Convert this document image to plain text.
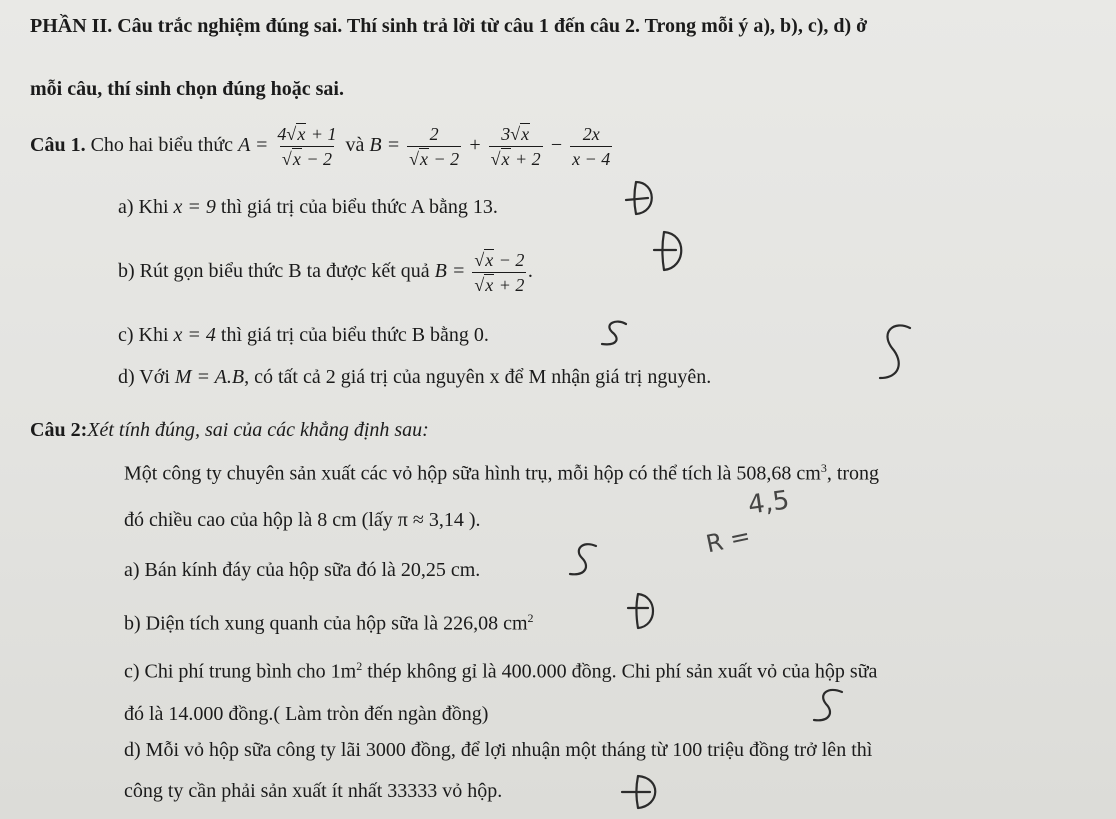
PHẦN II. Câu trắc nghiệm đúng sai. Thí sinh trả lời từ câu 1 đến câu 2. Trong mỗi ý a), b), c), d) ở
mỗi câu, thí sinh chọn đúng hoặc sai.
Câu 1. Cho hai biểu thức $A = \frac{4√x + 1}{√x - 2}$ và $B = \frac{2}{√x - 2} + \frac{3√x}{√x + 2} - \frac{2x}{x - 4}$
a) Khi x = 9 thì giá trị của biểu thức A bằng 13.
b) Rút gọn biểu thức B ta được kết quả $B = \frac{√x - 2}{√x + 2}$ .
c) Khi x = 4 thì giá trị của biểu thức B bằng 0.
d) Với M = A.B, có tất cả 2 giá trị của nguyên x để M nhận giá trị nguyên.
Câu 2:Xét tính đúng, sai của các khẳng định sau:
Một công ty chuyên sản xuất các vỏ hộp sữa hình trụ, mỗi hộp có thể tích là 508,68 $cm^3$, trong
đó chiều cao của hộp là 8 cm (lấy π ≈ 3,14 ).
a) Bán kính đáy của hộp sữa đó là 20,25 cm.
b) Diện tích xung quanh của hộp sữa là 226,08 $cm^2$
c) Chi phí trung bình cho $1m^2$ thép không gỉ là 400.000 đồng. Chi phí sản xuất vỏ của hộp sữa
đó là 14.000 đồng.( Làm tròn đến ngàn đồng)
d) Mỗi vỏ hộp sữa công ty lãi 3000 đồng, để lợi nhuận một tháng từ 100 triệu đồng trở lên thì
công ty cần phải sản xuất ít nhất 33333 vỏ hộp.
4,5
R =
